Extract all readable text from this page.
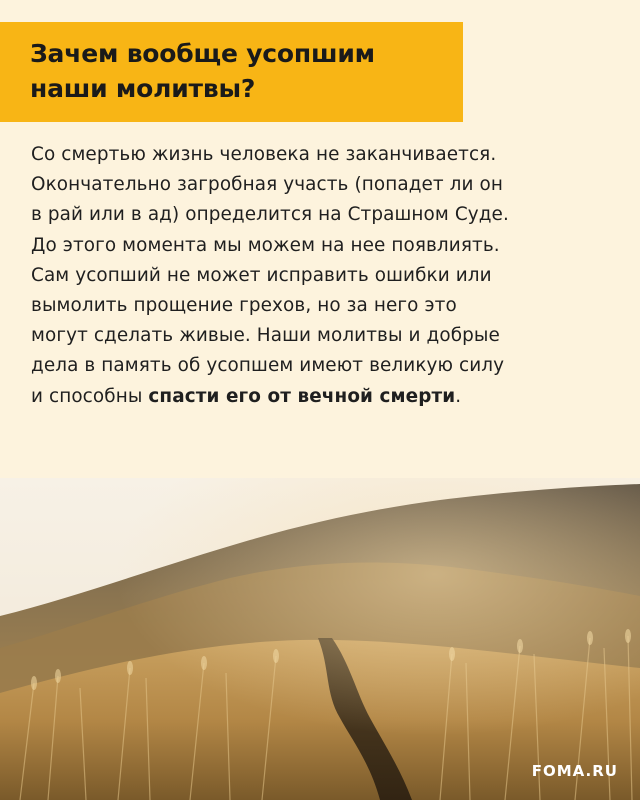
Зачем вообще усопшим
наши молитвы?

Со смертью жизнь человека не заканчивается.
Окончательно загробная участь (попадет ли он
в рай или в ад) определится на Страшном Суде.
До этого момента мы можем на нее появлиять.
Сам усопший не может исправить ошибки или
вымолить прощение грехов, но за него это
могут сделать живые. Наши молитвы и добрые
дела в память об усопшем имеют великую силу
и способны спасти его от вечной смерти.

FOMA.RU
